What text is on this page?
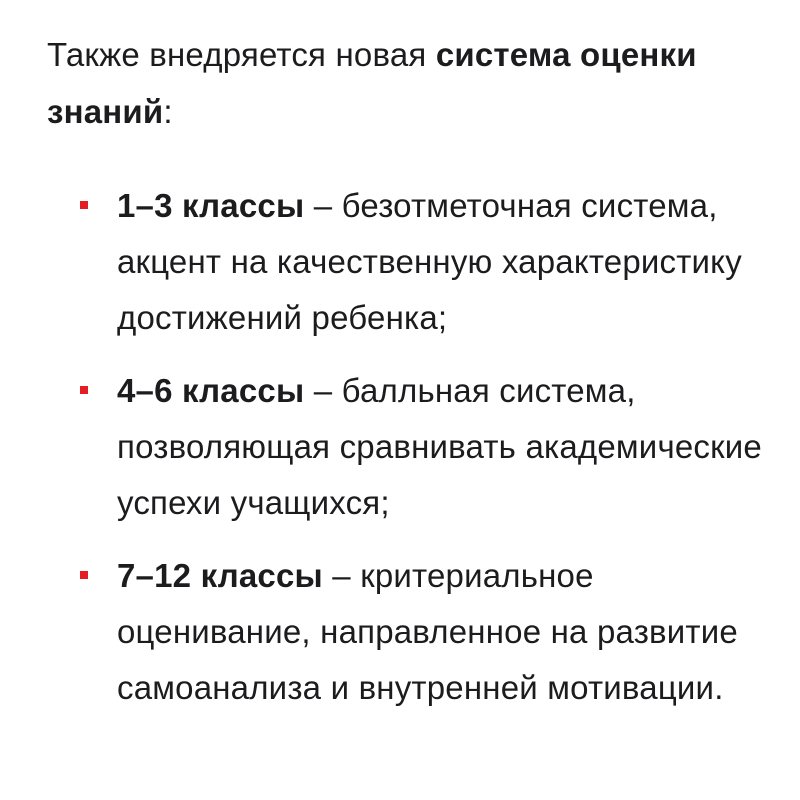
Также внедряется новая система оценки знаний:

1–3 классы – безотметочная система, акцент на качественную характеристику достижений ребенка;
4–6 классы – балльная система, позволяющая сравнивать академические успехи учащихся;
7–12 классы – критериальное оценивание, направленное на развитие самоанализа и внутренней мотивации.
